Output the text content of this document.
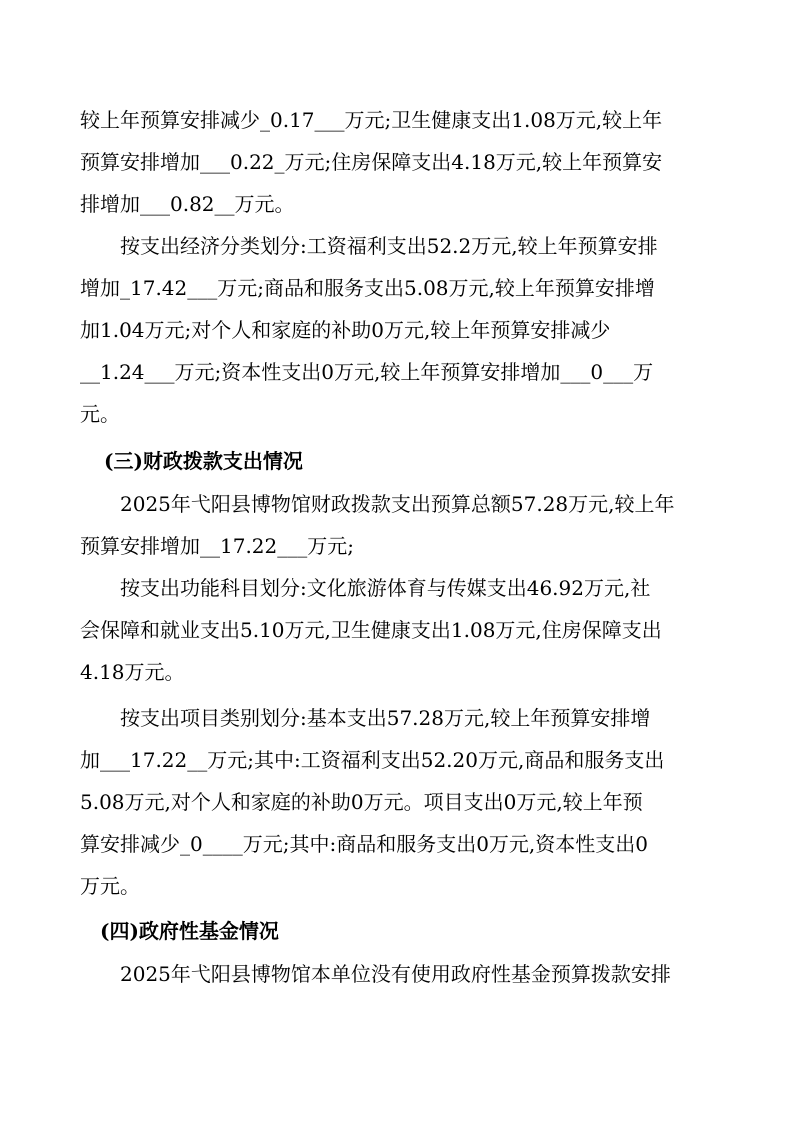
较上年预算安排减少_0.17___万元;卫生健康支出1.08万元,较上年
预算安排增加___0.22_万元;住房保障支出4.18万元,较上年预算安
排增加___0.82__万元。
按支出经济分类划分:工资福利支出52.2万元,较上年预算安排
增加_17.42___万元;商品和服务支出5.08万元,较上年预算安排增
加1.04万元;对个人和家庭的补助0万元,较上年预算安排减少
__1.24___万元;资本性支出0万元,较上年预算安排增加___0___万
元。
(三)财政拨款支出情况
2025年弋阳县博物馆财政拨款支出预算总额57.28万元,较上年
预算安排增加__17.22___万元;
按支出功能科目划分:文化旅游体育与传媒支出46.92万元,社
会保障和就业支出5.10万元,卫生健康支出1.08万元,住房保障支出
4.18万元。
按支出项目类别划分:基本支出57.28万元,较上年预算安排增
加___17.22__万元;其中:工资福利支出52.20万元,商品和服务支出
5.08万元,对个人和家庭的补助0万元。项目支出0万元,较上年预
算安排减少_0____万元;其中:商品和服务支出0万元,资本性支出0
万元。
(四)政府性基金情况
2025年弋阳县博物馆本单位没有使用政府性基金预算拨款安排
